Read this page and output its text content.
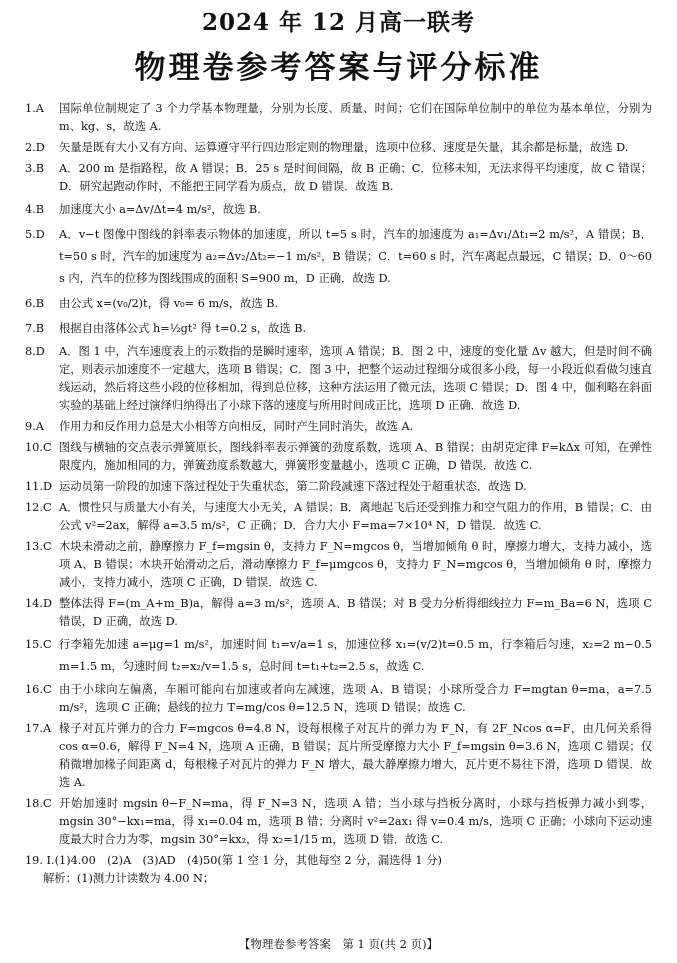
2024 年 12 月高一联考
物理卷参考答案与评分标准
1.A 国际单位制规定了 3 个力学基本物理量，分别为长度、质量、时间；它们在国际单位制中的单位为基本单位，分别为 m、kg、s，故选 A.
2.D 矢量是既有大小又有方向、运算遵守平行四边形定则的物理量，选项中位移、速度是矢量，其余都是标量，故选 D.
3.B A．200 m 是指路程，故 A 错误；B．25 s 是时间间隔，故 B 正确；C．位移未知，无法求得平均速度，故 C 错误；D．研究起跑动作时，不能把王同学看为质点，故 D 错误．故选 B.
4.B 加速度大小 a=Δv/Δt=4 m/s²，故选 B.
5.D A．v−t 图像中图线的斜率表示物体的加速度，所以 t=5 s 时，汽车的加速度为 a₁=Δv₁/Δt₁=2 m/s²，A 错误；B．t=50 s 时，汽车的加速度为 a₂=Δv₂/Δt₂=−1 m/s²，B 错误；C．t=60 s 时，汽车离起点最远，C 错误；D．0～60 s 内，汽车的位移为图线围成的面积 S=900 m，D 正确．故选 D.
6.B 由公式 x=(v₀/2)t，得 v₀= 6 m/s，故选 B.
7.B 根据自由落体公式 h=½gt² 得 t=0.2 s，故选 B.
8.D A．图 1 中，汽车速度表上的示数指的是瞬时速率，选项 A 错误；B．图 2 中，速度的变化量 Δv 越大，但是时间不确定，则表示加速度不一定越大，选项 B 错误；C．图 3 中，把整个运动过程细分成很多小段，每一小段近似看做匀速直线运动，然后将这些小段的位移相加，得到总位移，这种方法运用了微元法，选项 C 错误；D．图 4 中，伽利略在斜面实验的基础上经过演绎归纳得出了小球下落的速度与所用时间成正比，选项 D 正确．故选 D.
9.A 作用力和反作用力总是大小相等方向相反，同时产生同时消失，故选 A.
10.C 图线与横轴的交点表示弹簧原长，图线斜率表示弹簧的劲度系数，选项 A、B 错误；由胡克定律 F=kΔx 可知，在弹性限度内，施加相同的力，弹簧劲度系数越大，弹簧形变量越小，选项 C 正确，D 错误．故选 C.
11.D 运动员第一阶段的加速下落过程处于失重状态，第二阶段减速下落过程处于超重状态．故选 D.
12.C A．惯性只与质量大小有关，与速度大小无关，A 错误；B．离地起飞后还受到推力和空气阻力的作用，B 错误；C．由公式 v²=2ax，解得 a=3.5 m/s²，C 正确；D．合力大小 F=ma=7×10⁴ N，D 错误．故选 C.
13.C 木块未滑动之前，静摩擦力 F_f=mgsin θ，支持力 F_N=mgcos θ，当增加倾角 θ 时，摩擦力增大，支持力减小，选项 A、B 错误；木块开始滑动之后，滑动摩擦力 F_f=μmgcos θ，支持力 F_N=mgcos θ，当增加倾角 θ 时，摩擦力减小，支持力减小，选项 C 正确，D 错误．故选 C.
14.D 整体法得 F=(m_A+m_B)a，解得 a=3 m/s²，选项 A、B 错误；对 B 受力分析得细线拉力 F=m_Ba=6 N，选项 C 错误，D 正确，故选 D.
15.C 行李箱先加速 a=μg=1 m/s²，加速时间 t₁=v/a=1 s，加速位移 x₁=(v/2)t=0.5 m，行李箱后匀速，x₂=2 m−0.5 m=1.5 m，匀速时间 t₂=x₂/v=1.5 s，总时间 t=t₁+t₂=2.5 s，故选 C.
16.C 由于小球向左偏离，车厢可能向右加速或者向左减速，选项 A、B 错误；小球所受合力 F=mgtan θ=ma，a=7.5 m/s²，选项 C 正确；悬线的拉力 T=mg/cos θ=12.5 N，选项 D 错误；故选 C.
17.A 椽子对瓦片弹力的合力 F=mgcos θ=4.8 N，设每根椽子对瓦片的弹力为 F_N，有 2F_Ncos α=F，由几何关系得 cos α=0.6，解得 F_N=4 N，选项 A 正确，B 错误；瓦片所受摩擦力大小 F_f=mgsin θ=3.6 N，选项 C 错误；仅稍微增加椽子间距离 d，每根椽子对瓦片的弹力 F_N 增大，最大静摩擦力增大，瓦片更不易往下滑，选项 D 错误．故选 A.
18.C 开始加速时 mgsin θ−F_N=ma，得 F_N=3 N，选项 A 错；当小球与挡板分离时，小球与挡板弹力减小到零，mgsin 30°−kx₁=ma，得 x₁=0.04 m，选项 B 错；分离时 v²=2ax₁ 得 v=0.4 m/s，选项 C 正确；小球向下运动速度最大时合力为零，mgsin 30°=kx₂，得 x₂=1/15 m，选项 D 错．故选 C.
19. Ⅰ.(1)4.00　(2)A　(3)AD　(4)50(第 1 空 1 分，其他每空 2 分，漏选得 1 分)
解析：(1)测力计读数为 4.00 N；
【物理卷参考答案　第 1 页(共 2 页)】
